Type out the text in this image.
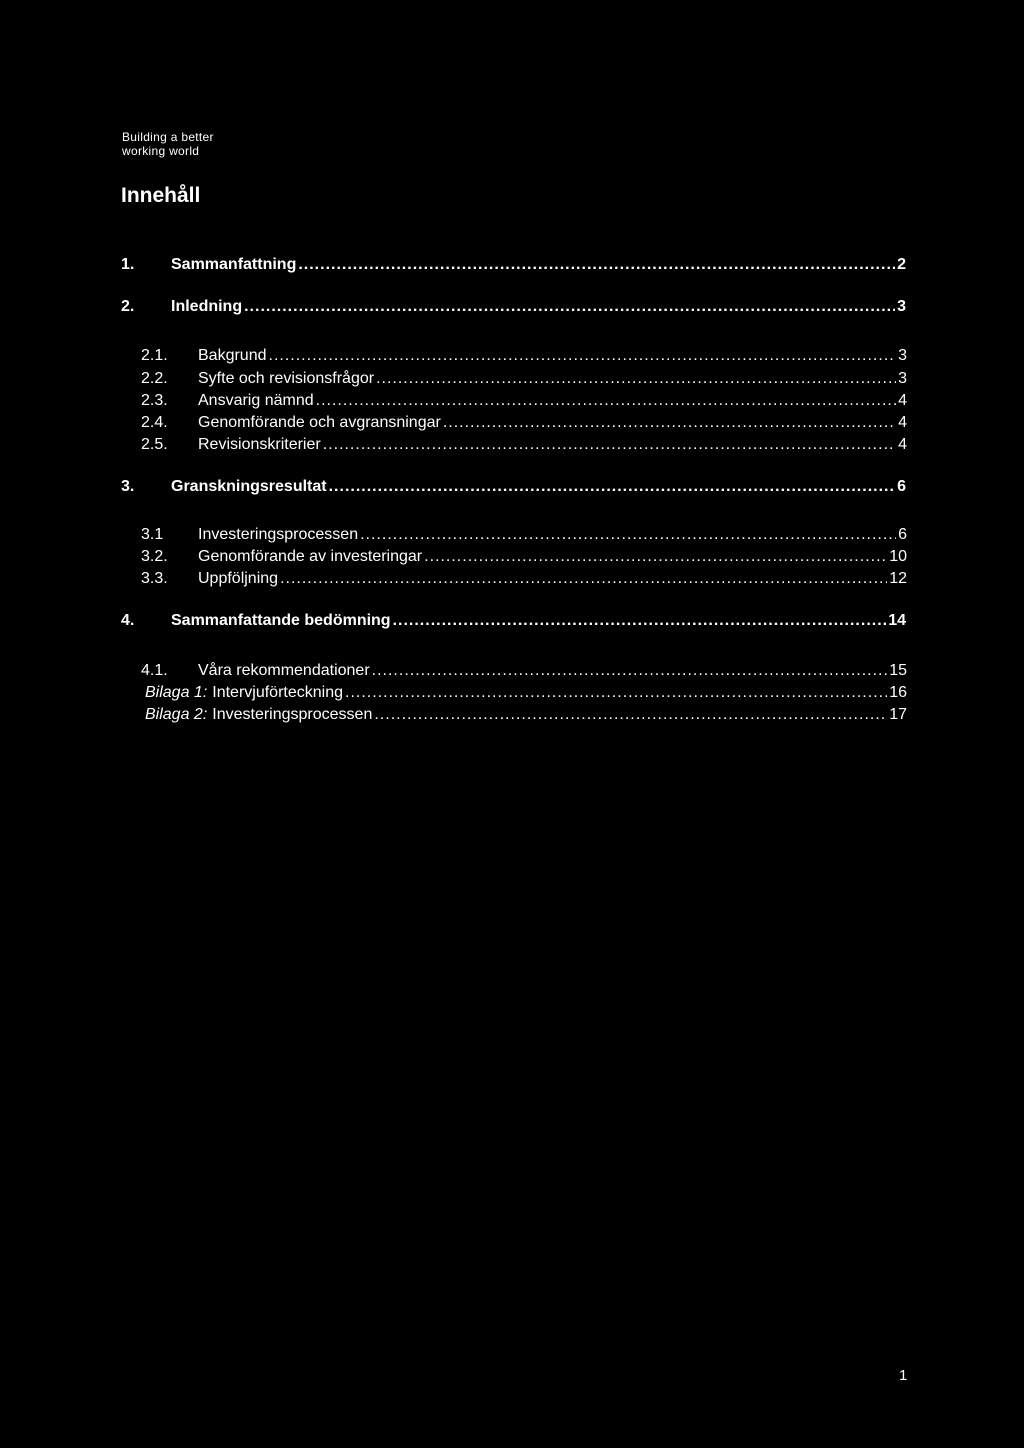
Building a better
working world
Innehåll
1.	Sammanfattning .....	2
2.	Inledning .....	3
2.1.	Bakgrund .....	3
2.2.	Syfte och revisionsfrågor .....	3
2.3.	Ansvarig nämnd .....	4
2.4.	Genomförande och avgransningar .....	4
2.5.	Revisionskriterier .....	4
3.	Granskningsresultat .....	6
3.1	Investeringsprocessen .....	6
3.2.	Genomförande av investeringar .....	10
3.3.	Uppföljning .....	12
4.	Sammanfattande bedömning .....	14
4.1.	Våra rekommendationer .....	15
Bilaga 1: Intervjuförteckning .....	16
Bilaga 2: Investeringsprocessen .....	17
1
